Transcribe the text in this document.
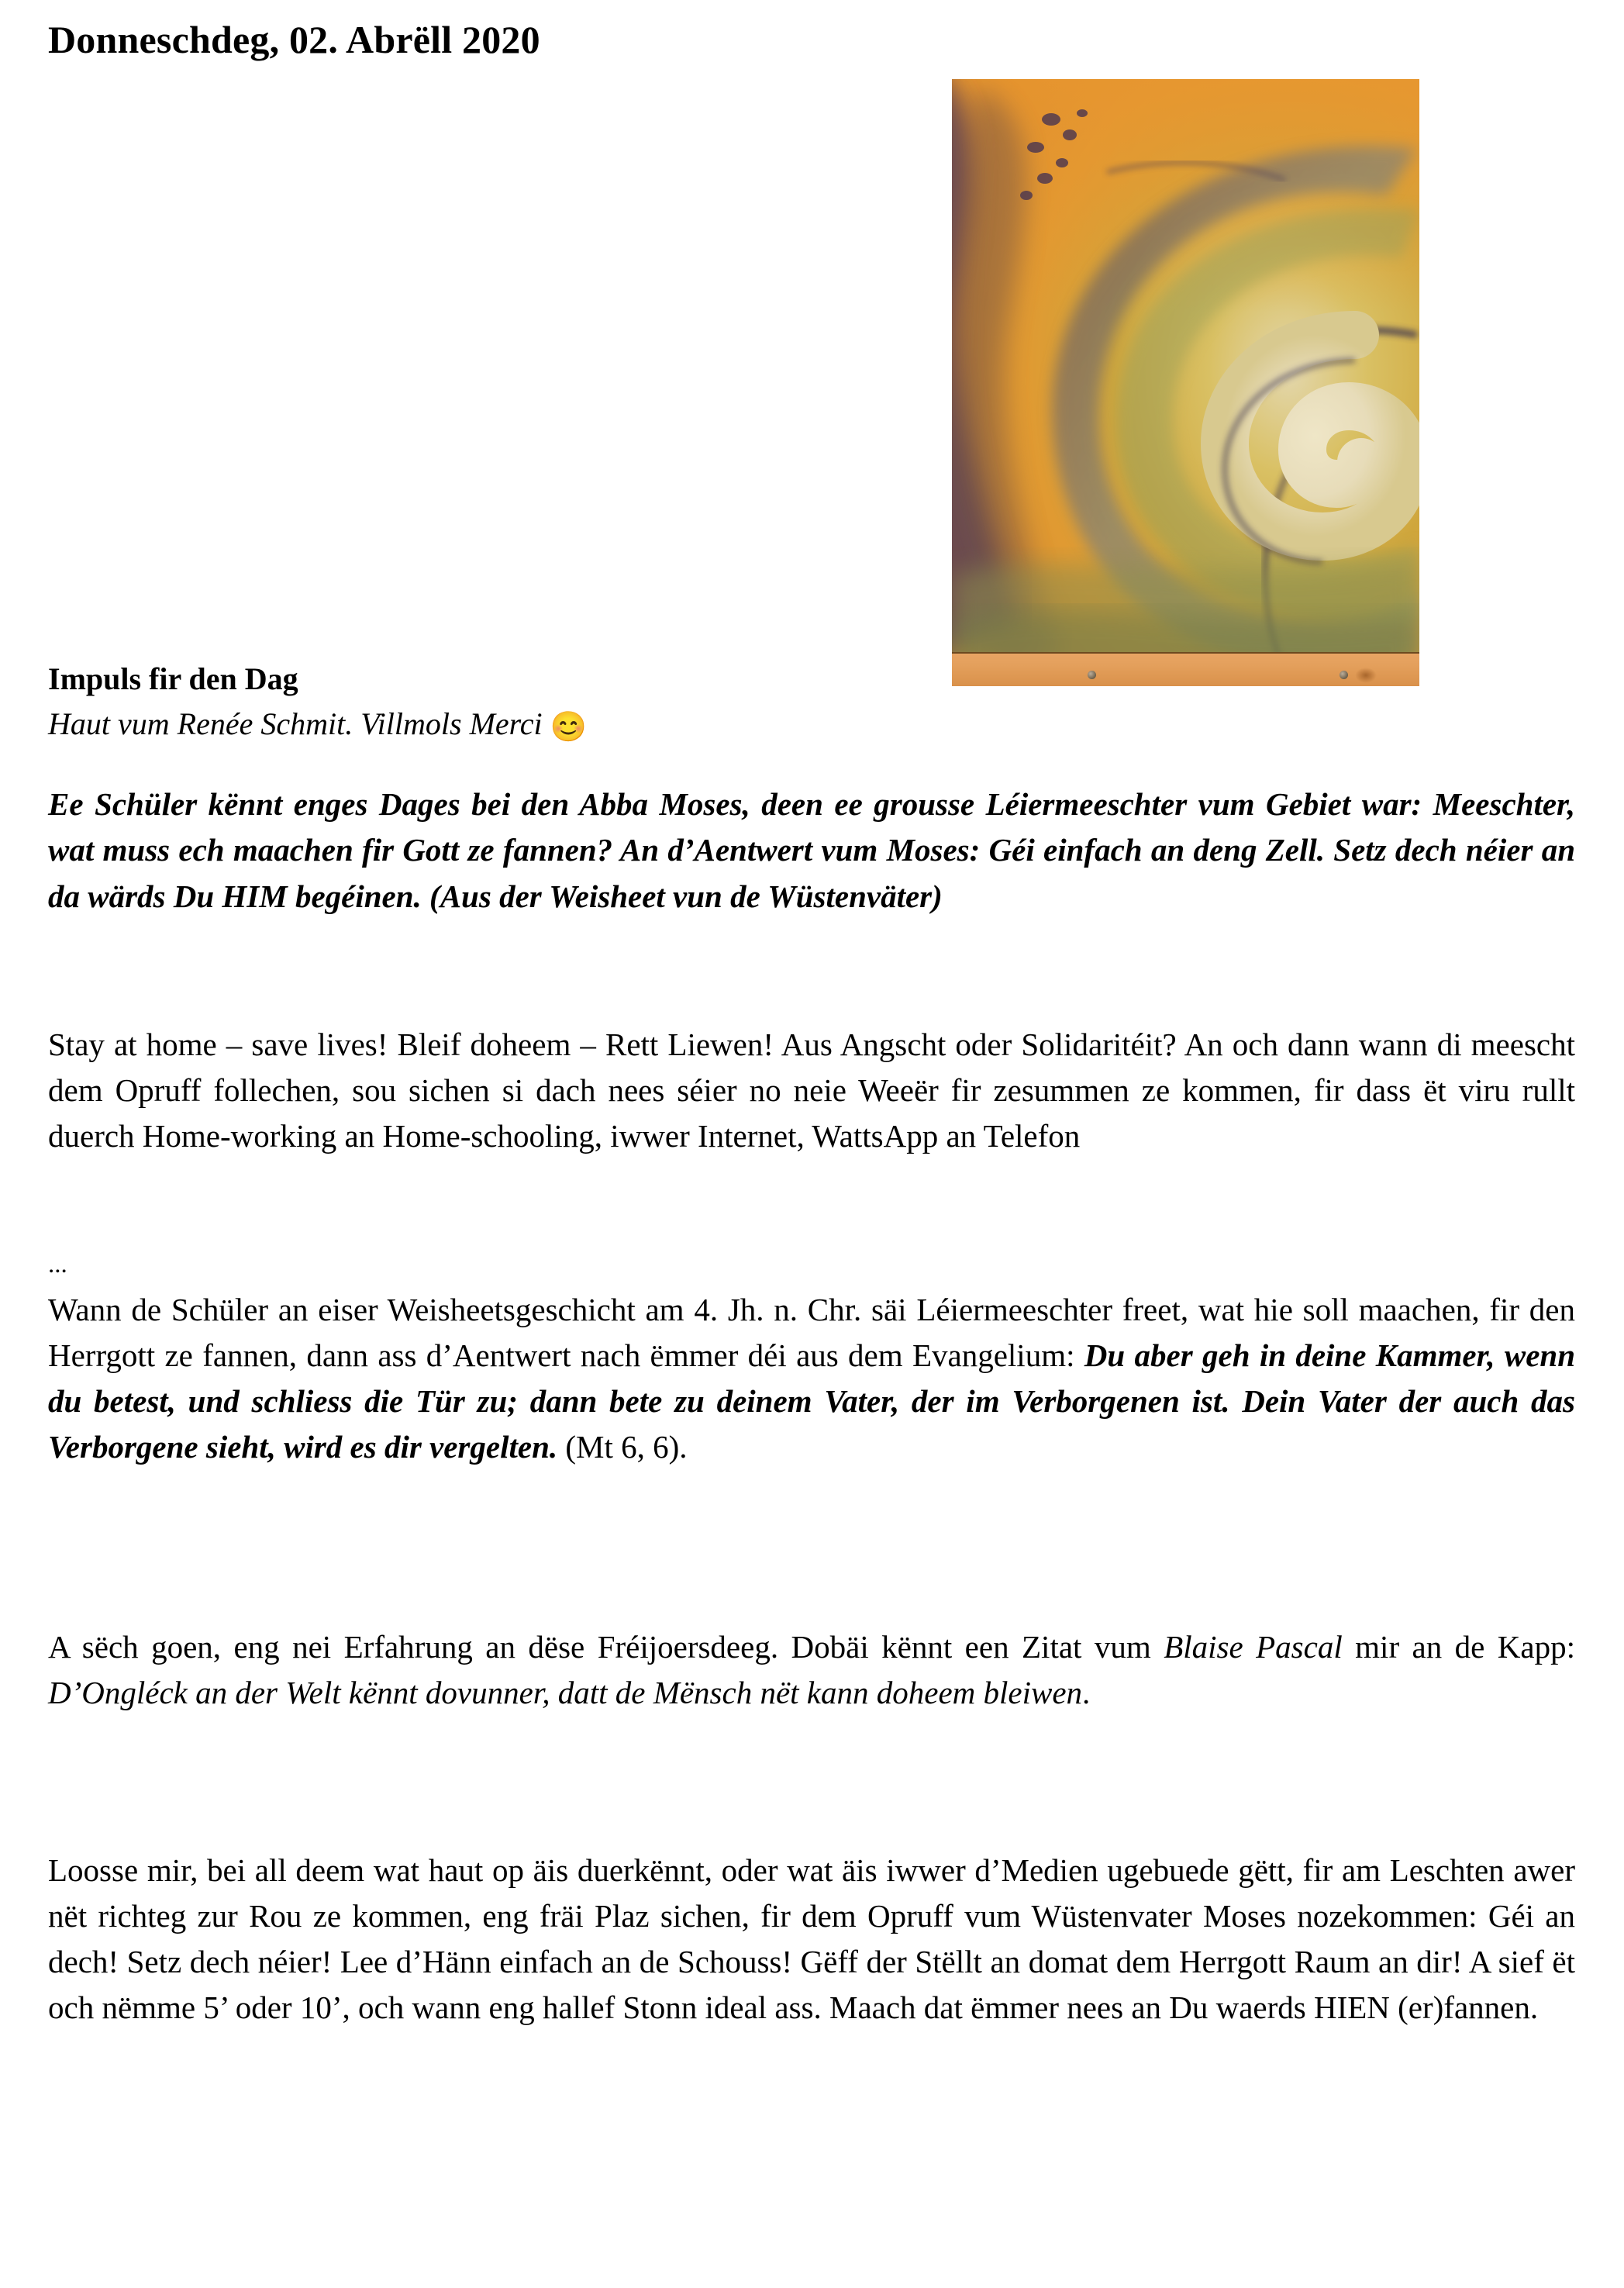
Donneschdeg, 02. Abrëll 2020
Impuls fir den Dag
Haut vum Renée Schmit. Villmols Merci 😊

Ee Schüler kënnt enges Dages bei den Abba Moses, deen ee grousse Léiermeeschter vum Gebiet war: Meeschter, wat muss ech maachen fir Gott ze fannen? An d’Aentwert vum Moses: Géi einfach an deng Zell. Setz dech néier an da wärds Du HIM begéinen. (Aus der Weisheet vun de Wüstenväter)

Stay at home – save lives! Bleif doheem – Rett Liewen! Aus Angscht oder Solidaritéit? An och dann wann di meescht dem Opruff follechen, sou sichen si dach nees séier no neie Weeër fir zesummen ze kommen, fir dass ët viru rullt duerch Home-working an Home-schooling, iwwer Internet, WattsApp an Telefon

...

Wann de Schüler an eiser Weisheetsgeschicht am 4. Jh. n. Chr. säi Léiermeeschter freet, wat hie soll maachen, fir den Herrgott ze fannen, dann ass d’Aentwert nach ëmmer déi aus dem Evangelium: Du aber geh in deine Kammer, wenn du betest, und schliess die Tür zu; dann bete zu deinem Vater, der im Verborgenen ist. Dein Vater der auch das Verborgene sieht, wird es dir vergelten. (Mt 6, 6).

A sëch goen, eng nei Erfahrung an dëse Fréijoersdeeg. Dobäi kënnt een Zitat vum Blaise Pascal mir an de Kapp: D’Ongléck an der Welt kënnt dovunner, datt de Mënsch nët kann doheem bleiwen.

Loosse mir, bei all deem wat haut op äis duerkënnt, oder wat äis iwwer d’Medien ugebuede gëtt, fir am Leschten awer nët richteg zur Rou ze kommen, eng fräi Plaz sichen, fir dem Opruff vum Wüstenvater Moses nozekommen: Géi an dech! Setz dech néier! Lee d’Hänn einfach an de Schouss! Gëff der Stëllt an domat dem Herrgott Raum an dir! A sief ët och nëmme 5’ oder 10’, och wann eng hallef Stonn ideal ass. Maach dat ëmmer nees an Du waerds HIEN (er)fannen.
